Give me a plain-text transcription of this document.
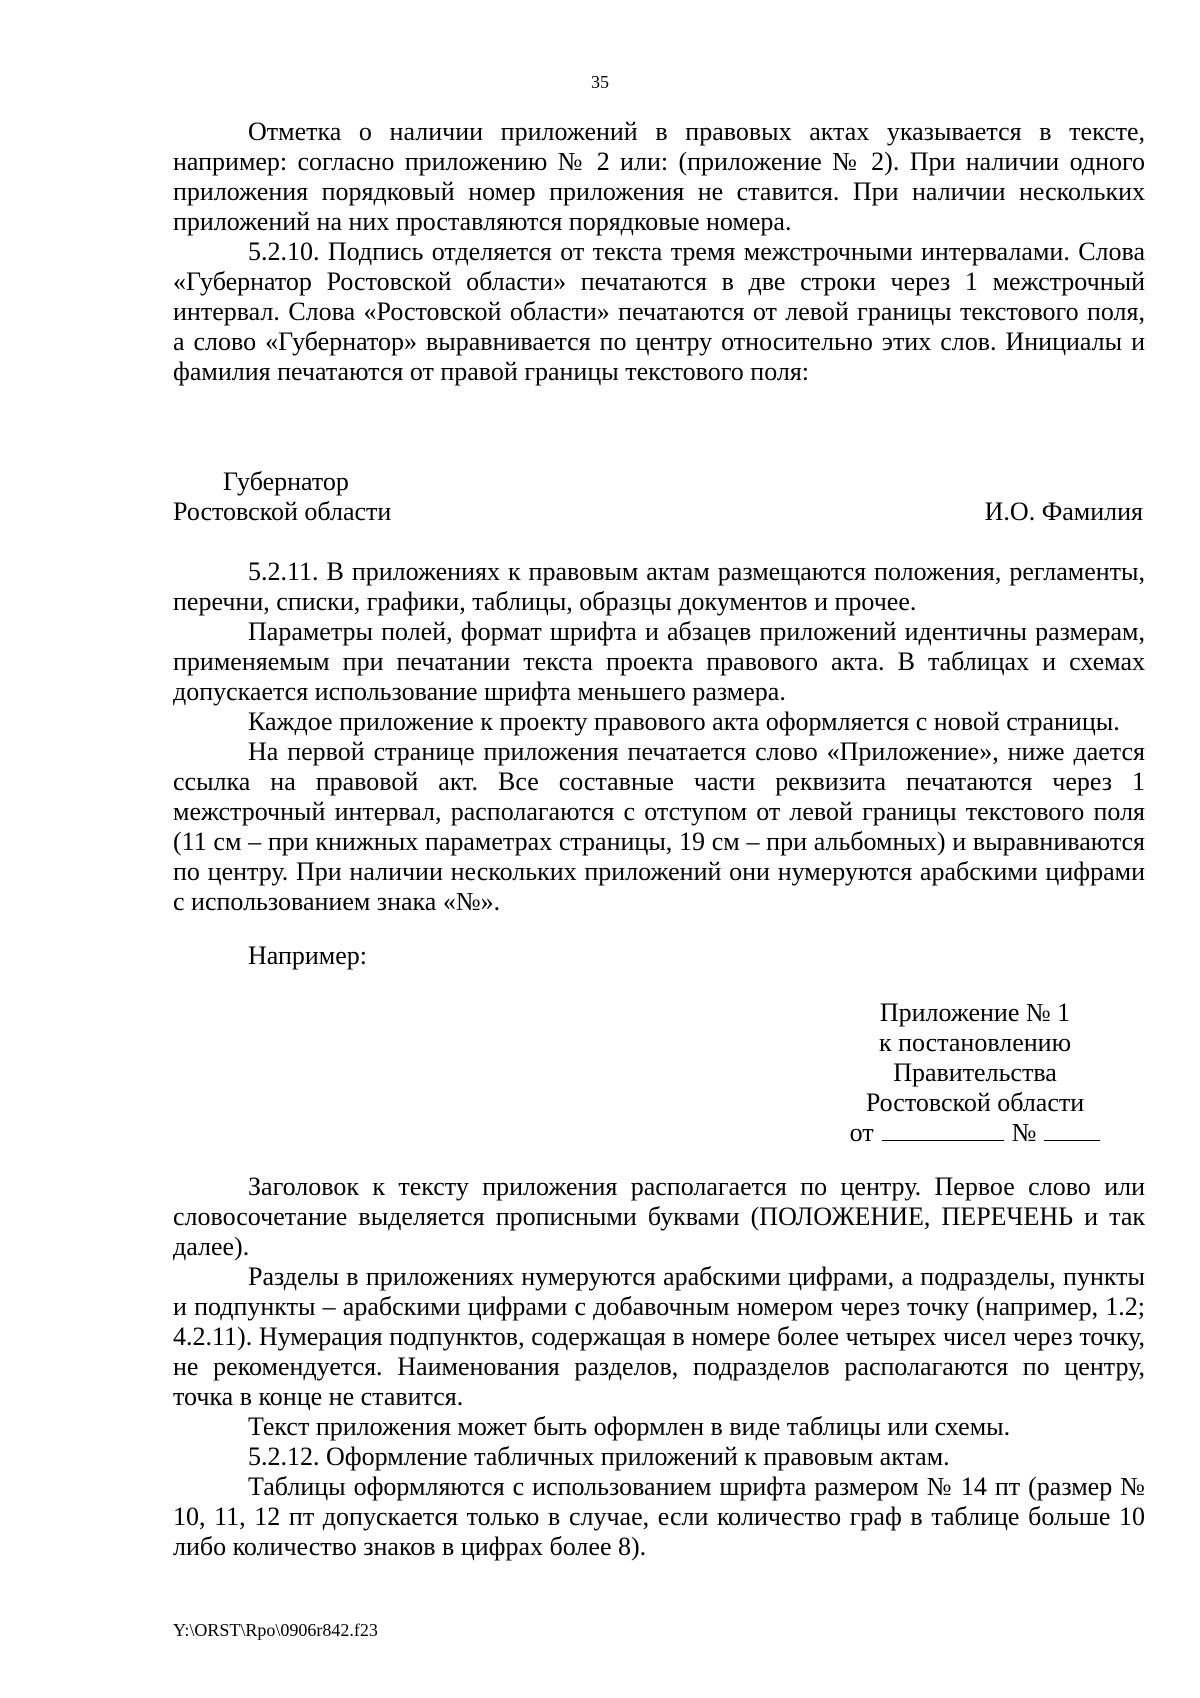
35

Отметка о наличии приложений в правовых актах указывается в тексте, например: согласно приложению № 2 или: (приложение № 2). При наличии одного приложения порядковый номер приложения не ставится. При наличии нескольких приложений на них проставляются порядковые номера.

5.2.10. Подпись отделяется от текста тремя межстрочными интервалами. Слова «Губернатор Ростовской области» печатаются в две строки через 1 межстрочный интервал. Слова «Ростовской области» печатаются от левой границы текстового поля, а слово «Губернатор» выравнивается по центру относительно этих слов. Инициалы и фамилия печатаются от правой границы текстового поля:

Губернатор
Ростовской области	И.О. Фамилия

5.2.11. В приложениях к правовым актам размещаются положения, регламенты, перечни, списки, графики, таблицы, образцы документов и прочее.

Параметры полей, формат шрифта и абзацев приложений идентичны размерам, применяемым при печатании текста проекта правового акта. В таблицах и схемах допускается использование шрифта меньшего размера.

Каждое приложение к проекту правового акта оформляется с новой страницы.

На первой странице приложения печатается слово «Приложение», ниже дается ссылка на правовой акт. Все составные части реквизита печатаются через 1 межстрочный интервал, располагаются с отступом от левой границы текстового поля (11 см – при книжных параметрах страницы, 19 см – при альбомных) и выравниваются по центру. При наличии нескольких приложений они нумеруются арабскими цифрами с использованием знака «№».

Например:
Приложение № 1
к постановлению
Правительства
Ростовской области
от	№

Заголовок к тексту приложения располагается по центру. Первое слово или словосочетание выделяется прописными буквами (ПОЛОЖЕНИЕ, ПЕРЕЧЕНЬ и так далее).

Разделы в приложениях нумеруются арабскими цифрами, а подразделы, пункты и подпункты – арабскими цифрами с добавочным номером через точку (например, 1.2; 4.2.11). Нумерация подпунктов, содержащая в номере более четырех чисел через точку, не рекомендуется. Наименования разделов, подразделов располагаются по центру, точка в конце не ставится.

Текст приложения может быть оформлен в виде таблицы или схемы.

5.2.12. Оформление табличных приложений к правовым актам.

Таблицы оформляются с использованием шрифта размером № 14 пт (размер № 10, 11, 12 пт допускается только в случае, если количество граф в таблице больше 10 либо количество знаков в цифрах более 8).

Y:\ORST\Rpo\0906r842.f23
